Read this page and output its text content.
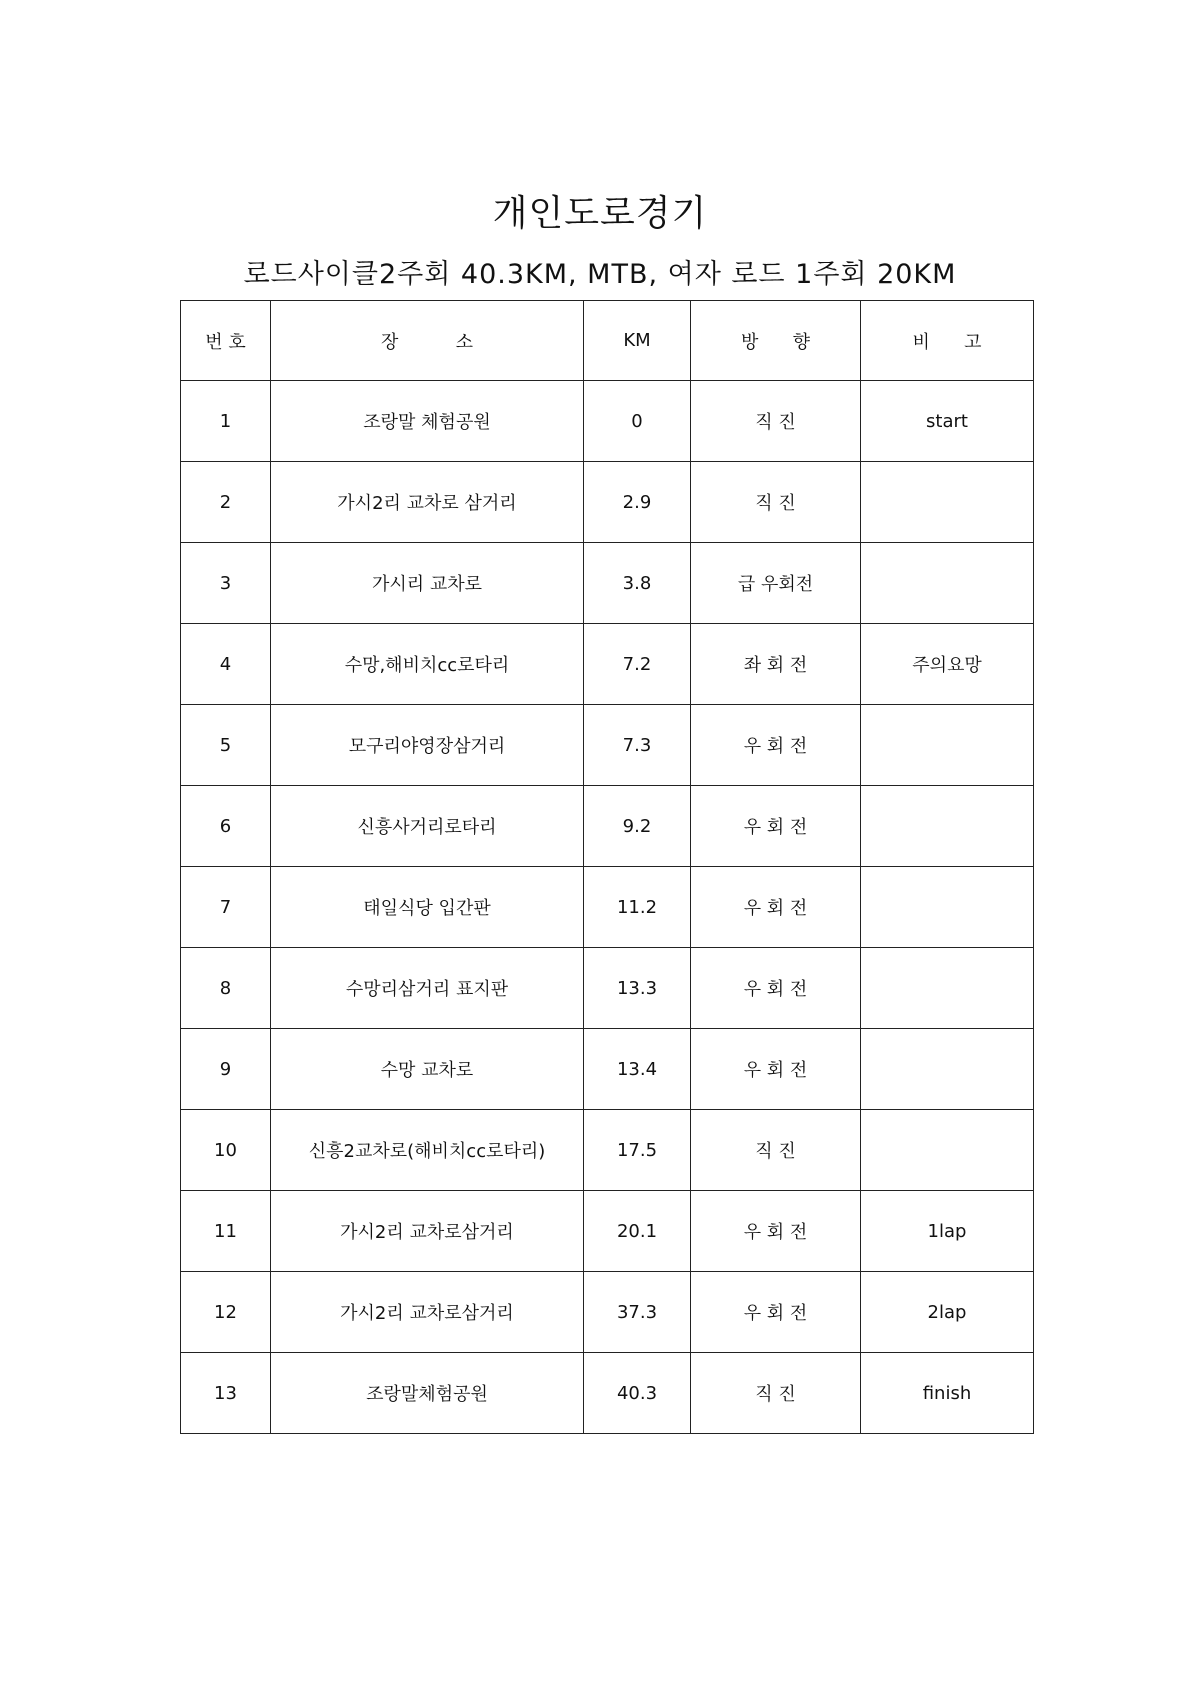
개인도로경기
로드사이클2주회 40.3KM, MTB, 여자 로드 1주회 20KM
번 호	장          소	KM	방      향	비      고
1	조랑말 체험공원	0	직 진	start
2	가시2리 교차로 삼거리	2.9	직 진	
3	가시리 교차로	3.8	급 우회전	
4	수망,해비치cc로타리	7.2	좌 회 전	주의요망
5	모구리야영장삼거리	7.3	우 회 전	
6	신흥사거리로타리	9.2	우 회 전	
7	태일식당 입간판	11.2	우 회 전	
8	수망리삼거리 표지판	13.3	우 회 전	
9	수망 교차로	13.4	우 회 전	
10	신흥2교차로(해비치cc로타리)	17.5	직 진	
11	가시2리 교차로삼거리	20.1	우 회 전	1lap
12	가시2리 교차로삼거리	37.3	우 회 전	2lap
13	조랑말체험공원	40.3	직 진	finish
